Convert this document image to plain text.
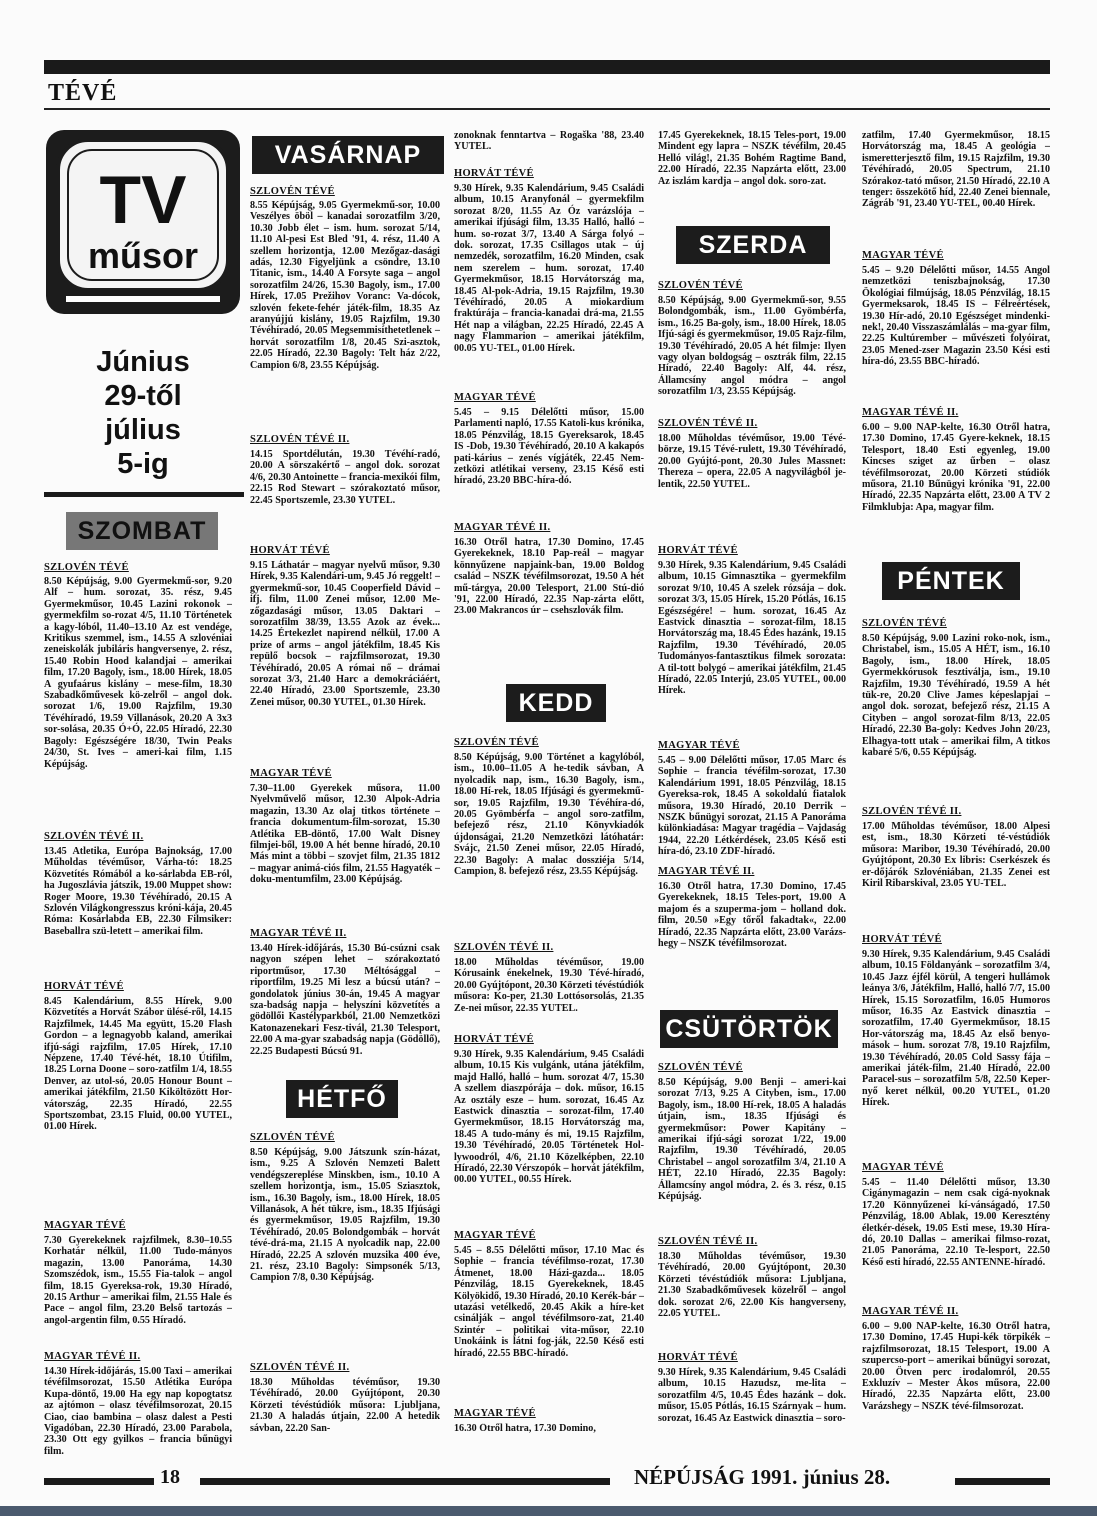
TÉVÉ
TV
műsor
Június
29-től
július
5-ig
SZOMBAT
SZLOVÉN TÉVÉ
8.50 Képújság, 9.00 Gyermekmű-sor, 9.20 Alf – hum. sorozat, 35. rész, 9.45 Gyermekműsor, 10.45 Lazini rokonok – gyermekfilm so-rozat 4/5, 11.10 Történetek a kagy-lóból, 11.40–13.10 Az est vendége, Kritikus szemmel, ism., 14.55 A szlovéniai zeneiskolák jubiláris hangversenye, 2. rész, 15.40 Robin Hood kalandjai – amerikai film, 17.20 Bagoly, ism., 18.00 Hírek, 18.05 A gyufaárus kislány – mese-film, 18.30 Szabadkőművesek kö-zelről – angol dok. sorozat 1/6, 19.00 Rajzfilm, 19.30 Tévéhíradó, 19.59 Villanások, 20.20 A 3x3 sor-solása, 20.35 Ó+Ó, 22.05 Híradó, 22.30 Bagoly: Egészségére 18/30, Twin Peaks 24/30, St. Ives – ameri-kai film, 1.15 Képújság.
SZLOVÉN TÉVÉ II.
13.45 Atletika, Európa Bajnokság, 17.00 Műholdas tévéműsor, Várha-tó: 18.25 Közvetítés Rómából a ko-sárlabda EB-ról, ha Jugoszlávia játszik, 19.00 Muppet show: Roger Moore, 19.30 Tévéhíradó, 20.15 A Szlovén Világkongresszus króni-kája, 20.45 Róma: Kosárlabda EB, 22.30 Filmsiker: Baseballra szü-letett – amerikai film.
HORVÁT TÉVÉ
8.45 Kalendárium, 8.55 Hírek, 9.00 Közvetítés a Horvát Szábor ülésé-ről, 14.15 Rajzfilmek, 14.45 Ma együtt, 15.20 Flash Gordon – a legnagyobb kaland, amerikai ifjú-sági rajzfilm, 17.05 Hírek, 17.10 Népzene, 17.40 Tévé-hét, 18.10 Útifilm, 18.25 Lorna Doone – soro-zatfilm 1/4, 18.55 Denver, az utol-só, 20.05 Honour Bount – amerikai játékfilm, 21.50 Kiköltözött Hor-vátország, 22.35 Híradó, 22.55 Sportszombat, 23.15 Fluid, 00.00 YUTEL, 01.00 Hírek.
MAGYAR TÉVÉ
7.30 Gyerekeknek rajzfilmek, 8.30–10.55 Korhatár nélkül, 11.00 Tudo-mányos magazin, 13.00 Panoráma, 14.30 Szomszédok, ism., 15.55 Fia-talok – angol film, 18.15 Gyereksa-rok, 19.30 Híradó, 20.15 Arthur – amerikai film, 21.55 Hale és Pace – angol film, 23.20 Belső tartozás – angol-argentin film, 0.55 Híradó.
MAGYAR TÉVÉ II.
14.30 Hírek-időjárás, 15.00 Taxi – amerikai tévéfilmsorozat, 15.50 Atlétika Európa Kupa-döntő, 19.00 Ha egy nap kopogtatsz az ajtómon – olasz tévéfilmsorozat, 20.15 Ciao, ciao bambina – olasz dalest a Pesti Vigadóban, 22.30 Híradó, 23.00 Parabola, 23.30 Ott egy gyilkos – francia bűnügyi film.
VASÁRNAP
SZLOVÉN TÉVÉ
8.55 Képújság, 9.05 Gyermekmű-sor, 10.00 Veszélyes öböl – kanadai sorozatfilm 3/20, 10.30 Jobb élet – ism. hum. sorozat 5/14, 11.10 Al-pesi Est Bled '91, 4. rész, 11.40 A szellem horizontja, 12.00 Mezőgaz-dasági adás, 12.30 Figyeljünk a csöndre, 13.10 Titanic, ism., 14.40 A Forsyte saga – angol sorozatfilm 24/26, 15.30 Bagoly, ism., 17.00 Hírek, 17.05 Prežihov Voranc: Va-dócok, szlovén fekete-fehér játék-film, 18.35 Az aranyújjú kislány, 19.05 Rajzfilm, 19.30 Tévéhíradó, 20.05 Megsemmisíthetetlenek – horvát sorozatfilm 1/8, 20.45 Szi-asztok, 22.05 Híradó, 22.30 Bagoly: Telt ház 2/22, Campion 6/8, 23.55 Képújság.
SZLOVÉN TÉVÉ II.
14.15 Sportdélután, 19.30 Tévéhí-radó, 20.00 A sörszakértő – angol dok. sorozat 4/6, 20.30 Antoinette – francia-mexikói film, 22.15 Rod Stewart – szórakoztató műsor, 22.45 Sportszemle, 23.30 YUTEL.
HORVÁT TÉVÉ
9.15 Láthatár – magyar nyelvű műsor, 9.30 Hírek, 9.35 Kalendári-um, 9.45 Jó reggelt! – gyermekmű-sor, 10.45 Cooperfield Dávid – ifj. film, 11.00 Zenei műsor, 12.00 Me-zőgazdasági műsor, 13.05 Daktari – sorozatfilm 38/39, 13.55 Azok az évek... 14.25 Értekezlet napirend nélkül, 17.00 A prize of arms – angol játékfilm, 18.45 Kis repülő bocsok – rajzfilmsorozat, 19.30 Tévéhíradó, 20.05 A római nő – drámai sorozat 3/3, 21.40 Harc a demokráciáért, 22.40 Híradó, 23.00 Sportszemle, 23.30 Zenei műsor, 00.30 YUTEL, 01.30 Hírek.
MAGYAR TÉVÉ
7.30–11.00 Gyerekek műsora, 11.00 Nyelvművelő műsor, 12.30 Alpok-Adria magazin, 13.30 Az olaj titkos története – francia dokumentum-film-sorozat, 15.30 Atlétika EB-döntő, 17.00 Walt Disney filmjei-ből, 19.00 A hét benne híradó, 20.10 Más mint a többi – szovjet film, 21.35 1812 – magyar animá-ciós film, 21.55 Hagyaték – doku-mentumfilm, 23.00 Képújság.
MAGYAR TÉVÉ II.
13.40 Hírek-időjárás, 15.30 Bú-csúzni csak nagyon szépen lehet – szórakoztató riportműsor, 17.30 Méltósággal – riportfilm, 19.25 Mi lesz a búcsú után? – gondolatok június 30-án, 19.45 A magyar sza-badság napja – helyszíni közvetítés a gödöllői Kastélyparkból, 21.00 Nemzetközi Katonazenekari Fesz-tivál, 21.30 Telesport, 22.00 A ma-gyar szabadság napja (Gödöllő), 22.25 Budapesti Búcsú 91.
HÉTFŐ
SZLOVÉN TÉVÉ
8.50 Képújság, 9.00 Játszunk szín-házat, ism., 9.25 A Szlovén Nemzeti Balett vendégszereplése Minskben, ism., 10.10 A szellem horizontja, ism., 15.05 Sziasztok, ism., 16.30 Bagoly, ism., 18.00 Hírek, 18.05 Villanások, A hét tükre, ism., 18.35 Ifjúsági és gyermekműsor, 19.05 Rajzfilm, 19.30 Tévéhíradó, 20.05 Bolondgombák – horvát tévé-drá-ma, 21.15 A nyolcadik nap, 22.00 Híradó, 22.25 A szlovén muzsika 400 éve, 21. rész, 23.10 Bagoly: Simpsonék 5/13, Campion 7/8, 0.30 Képújság.
SZLOVÉN TÉVÉ II.
18.30 Műholdas tévéműsor, 19.30 Tévéhíradó, 20.00 Gyújtópont, 20.30 Körzeti tévéstúdiók műsora: Ljubljana, 21.30 A haladás útjain, 22.00 A hetedik sávban, 22.20 San-
zonoknak fenntartva – Rogaška '88, 23.40 YUTEL.
HORVÁT TÉVÉ
9.30 Hírek, 9.35 Kalendárium, 9.45 Családi album, 10.15 Aranyfonál – gyermekfilm sorozat 8/20, 11.55 Az Óz varázslója – amerikai ifjúsági film, 13.35 Halló, halló – hum. so-rozat 3/7, 13.40 A Sárga folyó – dok. sorozat, 17.35 Csillagos utak – új nemzedék, sorozatfilm, 16.20 Minden, csak nem szerelem – hum. sorozat, 17.40 Gyermekműsor, 18.15 Horvátország ma, 18.45 Al-pok-Adria, 19.15 Rajzfilm, 19.30 Tévéhíradó, 20.05 A miokardium fraktúrája – francia-kanadai drá-ma, 21.55 Hét nap a világban, 22.25 Híradó, 22.45 A nagy Flammarion – amerikai játékfilm, 00.05 YU-TEL, 01.00 Hírek.
MAGYAR TÉVÉ
5.45 – 9.15 Délelőtti műsor, 15.00 Parlamenti napló, 17.55 Katoli-kus krónika, 18.05 Pénzvilág, 18.15 Gyereksarok, 18.45 IS -Dob, 19.30 Tévéhíradó, 20.10 A kakapós pati-kárius – zenés vígjáték, 22.45 Nem-zetközi atlétikai verseny, 23.15 Késő esti híradó, 23.20 BBC-híra-dó.
MAGYAR TÉVÉ II.
16.30 Ötről hatra, 17.30 Domino, 17.45 Gyerekeknek, 18.10 Pap-reál – magyar könnyűzene napjaink-ban, 19.00 Boldog család – NSZK tévéfilmsorozat, 19.50 A hét mű-tárgya, 20.00 Telesport, 21.00 Stú-dió '91, 22.00 Híradó, 22.35 Nap-zárta előtt, 23.00 Makrancos úr – csehszlovák film.
KEDD
SZLOVÉN TÉVÉ
8.50 Képújság, 9.00 Történet a kagylóból, ism., 10.00–11.05 A he-tedik sávban, A nyolcadik nap, ism., 16.30 Bagoly, ism., 18.00 Hí-rek, 18.05 Ifjúsági és gyermekmű-sor, 19.05 Rajzfilm, 19.30 Tévéhíra-dó, 20.05 Gyömbérfa – angol soro-zatfilm, befejező rész, 21.10 Könyvkiadók újdonságai, 21.20 Nemzetközi látóhatár: Svájc, 21.50 Zenei műsor, 22.05 Híradó, 22.30 Bagoly: A malac dossziéja 5/14, Campion, 8. befejező rész, 23.55 Képújság.
SZLOVÉN TÉVÉ II.
18.00 Műholdas tévéműsor, 19.00 Kórusaink énekelnek, 19.30 Tévé-híradó, 20.00 Gyújtópont, 20.30 Körzeti tévéstúdiók műsora: Ko-per, 21.30 Lottósorsolás, 21.35 Ze-nei műsor, 22.35 YUTEL.
HORVÁT TÉVÉ
9.30 Hírek, 9.35 Kalendárium, 9.45 Családi album, 10.15 Kis vulgánk, utána játékfilm, majd Halló, halló – hum. sorozat 4/7, 15.30 A szellem diaszpórája – dok. műsor, 16.15 Az osztály esze – hum. sorozat, 16.45 Az Eastwick dinasztia – sorozat-film, 17.40 Gyermekműsor, 18.15 Horvátország ma, 18.45 A tudo-mány és mi, 19.15 Rajzfilm, 19.30 Tévéhíradó, 20.05 Történetek Hol-lywoodról, 4/6, 21.10 Közelképben, 22.10 Híradó, 22.30 Vérszopók – horvát játékfilm, 00.00 YUTEL, 00.55 Hírek.
MAGYAR TÉVÉ
5.45 – 8.55 Délelőtti műsor, 17.10 Mac és Sophie – francia tévéfilmso-rozat, 17.30 Átmenet, 18.00 Házi-gazda... 18.05 Pénzvilág, 18.15 Gyerekeknek, 18.45 Kölyökidő, 19.30 Híradó, 20.10 Kerék-bár – utazási vetélkedő, 20.45 Akik a híre-ket csinálják – angol tévéfilmsoro-zat, 21.40 Szintér – politikai vita-műsor, 22.10 Unokáink is látni fog-ják, 22.50 Késő esti híradó, 22.55 BBC-híradó.
MAGYAR TÉVÉ
16.30 Ötről hatra, 17.30 Domino,
17.45 Gyerekeknek, 18.15 Teles-port, 19.00 Mindent egy lapra – NSZK tévéfilm, 20.45 Helló világ!, 21.35 Bohém Ragtime Band, 22.00 Híradó, 22.35 Napzárta előtt, 23.00 Az iszlám kardja – angol dok. soro-zat.
SZERDA
SZLOVÉN TÉVÉ
8.50 Képújság, 9.00 Gyermekmű-sor, 9.55 Bolondgombák, ism., 11.00 Gyömbérfa, ism., 16.25 Ba-goly, ism., 18.00 Hírek, 18.05 Ifjú-sági és gyermekműsor, 19.05 Rajz-film, 19.30 Tévéhíradó, 20.05 A hét filmje: Ilyen vagy olyan boldogság – osztrák film, 22.15 Híradó, 22.40 Bagoly: Alf, 44. rész, Államcsíny angol módra – angol sorozatfilm 1/3, 23.55 Képújság.
SZLOVÉN TÉVÉ II.
18.00 Műholdas tévéműsor, 19.00 Tévé-börze, 19.15 Tévé-rulett, 19.30 Tévéhíradó, 20.00 Gyújtó-pont, 20.30 Jules Massnet: Thereza – opera, 22.05 A nagyvilágból je-lentik, 22.50 YUTEL.
HORVÁT TÉVÉ
9.30 Hírek, 9.35 Kalendárium, 9.45 Családi album, 10.15 Gimnasztika – gyermekfilm sorozat 9/10, 10.45 A szelek rózsája – dok. sorozat 3/3, 15.05 Hírek, 15.20 Pótlás, 16.15 Egészségére! – hum. sorozat, 16.45 Az Eastvick dinasztia – sorozat-film, 18.15 Horvátország ma, 18.45 Édes hazánk, 19.15 Rajzfilm, 19.30 Tévéhíradó, 20.05 Tudományos-fantasztikus filmek sorozata: A til-tott bolygó – amerikai játékfilm, 21.45 Híradó, 22.05 Interjú, 23.05 YUTEL, 00.00 Hírek.
MAGYAR TÉVÉ
5.45 – 9.00 Délelőtti műsor, 17.05 Marc és Sophie – francia tévéfilm-sorozat, 17.30 Kalendárium 1991, 18.05 Pénzvilág, 18.15 Gyereksa-rok, 18.45 A sokoldalú fiatalok műsora, 19.30 Híradó, 20.10 Derrik – NSZK bűnügyi sorozat, 21.15 A Panoráma különkiadása: Magyar tragédia – Vajdaság 1944, 22.20 Létkérdések, 23.05 Késő esti híra-dó, 23.10 ZDF-híradó.
MAGYAR TÉVÉ II.
16.30 Ötről hatra, 17.30 Domino, 17.45 Gyerekeknek, 18.15 Teles-port, 19.00 A majom és a szuperma-jom – holland dok. film, 20.50 »Egy tőről fakadtak«, 22.00 Híradó, 22.35 Napzárta előtt, 23.00 Varázs-hegy – NSZK tévéfilmsorozat.
CSÜTÖRTÖK
SZLOVÉN TÉVÉ
8.50 Képújság, 9.00 Benji – ameri-kai sorozat 7/13, 9.25 A Cityben, ism., 17.00 Bagoly, ism., 18.00 Hí-rek, 18.05 A haladás útjain, ism., 18.35 Ifjúsági és gyermekműsor: Power Kapitány – amerikai ifjú-sági sorozat 1/22, 19.00 Rajzfilm, 19.30 Tévéhíradó, 20.05 Christabel – angol sorozatfilm 3/4, 21.10 A HÉT, 22.10 Híradó, 22.35 Bagoly: Államcsíny angol módra, 2. és 3. rész, 0.15 Képújság.
SZLOVÉN TÉVÉ II.
18.30 Műholdas tévéműsor, 19.30 Tévéhíradó, 20.00 Gyújtópont, 20.30 Körzeti tévéstúdiók műsora: Ljubljana, 21.30 Szabadkőművesek közelről – angol dok. sorozat 2/6, 22.00 Kis hangverseny, 22.05 YUTEL.
HORVÁT TÉVÉ
9.30 Hírek, 9.35 Kalendárium, 9.45 Családi album, 10.15 Hazudsz, me-lita – sorozatfilm 4/5, 10.45 Édes hazánk – dok. műsor, 15.05 Pótlás, 16.15 Szárnyak – hum. sorozat, 16.45 Az Eastwick dinasztia – soro-
zatfilm, 17.40 Gyermekműsor, 18.15 Horvátország ma, 18.45 A geológia – ismeretterjesztő film, 19.15 Rajzfilm, 19.30 Tévéhíradó, 20.05 Spectrum, 21.10 Szórakoz-tató műsor, 21.50 Híradó, 22.10 A tenger: összekötő híd, 22.40 Zenei biennale, Zágráb '91, 23.40 YU-TEL, 00.40 Hírek.
MAGYAR TÉVÉ
5.45 – 9.20 Délelőtti műsor, 14.55 Angol nemzetközi teniszbajnokság, 17.30 Ökológiai filmújság, 18.05 Pénzvilág, 18.15 Gyermeksarok, 18.45 IS – Félreértések, 19.30 Hír-adó, 20.10 Egészséget mindenki-nek!, 20.40 Visszaszámlálás – ma-gyar film, 22.25 Kultúrember – művészeti folyóirat, 23.05 Mened-zser Magazin 23.50 Kési esti híra-dó, 23.55 BBC-híradó.
MAGYAR TÉVÉ II.
6.00 – 9.00 NAP-kelte, 16.30 Ötről hatra, 17.30 Domino, 17.45 Gyere-keknek, 18.15 Telesport, 18.40 Esti egyenleg, 19.00 Kincses sziget az űrben – olasz tévéfilmsorozat, 20.00 Körzeti stúdiók műsora, 21.10 Bűnügyi krónika '91, 22.00 Híradó, 22.35 Napzárta előtt, 23.00 A TV 2 Filmklubja: Apa, magyar film.
PÉNTEK
SZLOVÉN TÉVÉ
8.50 Képújság, 9.00 Lazini roko-nok, ism., Christabel, ism., 15.05 A HÉT, ism., 16.10 Bagoly, ism., 18.00 Hírek, 18.05 Gyermekkórusok fesztiválja, ism., 19.10 Rajzfilm, 19.30 Tévéhíradó, 19.59 A hét tük-re, 20.20 Clive James képeslapjai – angol dok. sorozat, befejező rész, 21.15 A Cityben – angol sorozat-film 8/13, 22.05 Híradó, 22.30 Ba-goly: Kedves John 20/23, Elhagya-tott utak – amerikai film, A titkos kabaré 5/6, 0.55 Képújság.
SZLOVÉN TÉVÉ II.
17.00 Műholdas tévéműsor, 18.00 Alpesi est, ism., 18.30 Körzeti té-véstúdiók műsora: Maribor, 19.30 Tévéhíradó, 20.00 Gyújtópont, 20.30 Ex libris: Cserkészek és er-dőjárók Szlovéniában, 21.35 Zenei est Kiril Ribarskival, 23.05 YU-TEL.
HORVÁT TÉVÉ
9.30 Hírek, 9.35 Kalendárium, 9.45 Családi album, 10.15 Földanyánk – sorozatfilm 3/4, 10.45 Jazz éjfél körül, A tengeri hullámok leánya 3/6, Játékfilm, Halló, halló 7/7, 15.00 Hírek, 15.15 Sorozatfilm, 16.05 Humoros műsor, 16.35 Az Eastvick dinasztia – sorozatfilm, 17.40 Gyermekműsor, 18.15 Hor-vátország ma, 18.45 Az első benyo-mások – hum. sorozat 7/8, 19.10 Rajzfilm, 19.30 Tévéhíradó, 20.05 Cold Sassy fája – amerikai játék-film, 21.40 Híradó, 22.00 Paracel-sus – sorozatfilm 5/8, 22.50 Keper-nyő keret nélkül, 00.20 YUTEL, 01.20 Hírek.
MAGYAR TÉVÉ
5.45 – 11.40 Délelőtti műsor, 13.30 Cigánymagazin – nem csak cigá-nyoknak 17.20 Könnyűzenei kí-vánságadó, 17.50 Pénzvilág, 18.00 Ablak, 19.00 Keresztény életkér-dések, 19.05 Esti mese, 19.30 Híra-dó, 20.10 Dallas – amerikai filmso-rozat, 21.05 Panoráma, 22.10 Te-lesport, 22.50 Késő esti híradó, 22.55 ANTENNE-híradó.
MAGYAR TÉVÉ II.
6.00 – 9.00 NAP-kelte, 16.30 Ötről hatra, 17.30 Domino, 17.45 Hupi-kék törpikék – rajzfilmsorozat, 18.15 Telesport, 19.00 A szupercso-port – amerikai bűnügyi sorozat, 20.00 Ötven perc irodalomról, 20.55 Exkluzív – Mester Ákos műsora, 22.00 Híradó, 22.35 Napzárta előtt, 23.00 Varázshegy – NSZK tévé-filmsorozat.
18	NÉPÚJSÁG 1991. június 28.
